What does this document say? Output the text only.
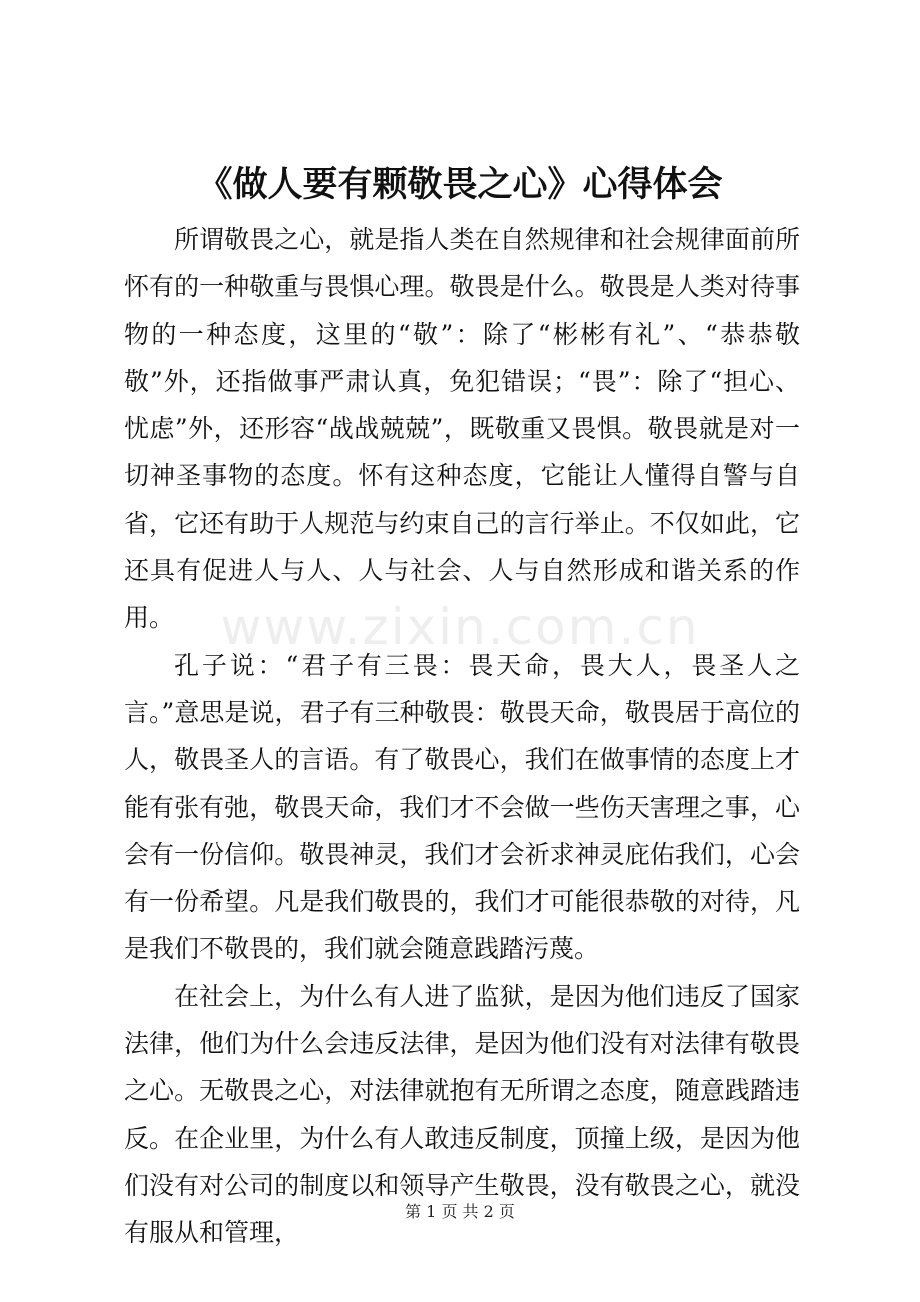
www.zixin.com.cn
《做人要有颗敬畏之心》心得体会

所谓敬畏之心，就是指人类在自然规律和社会规律面前所怀有的一种敬重与畏惧心理。敬畏是什么。敬畏是人类对待事物的一种态度，这里的“敬”：除了“彬彬有礼”、“恭恭敬敬”外，还指做事严肃认真，免犯错误；“畏”：除了“担心、忧虑”外，还形容“战战兢兢”，既敬重又畏惧。敬畏就是对一切神圣事物的态度。怀有这种态度，它能让人懂得自警与自省，它还有助于人规范与约束自己的言行举止。不仅如此，它还具有促进人与人、人与社会、人与自然形成和谐关系的作用。

孔子说：“君子有三畏：畏天命，畏大人，畏圣人之言。”意思是说，君子有三种敬畏：敬畏天命，敬畏居于高位的人，敬畏圣人的言语。有了敬畏心，我们在做事情的态度上才能有张有弛，敬畏天命，我们才不会做一些伤天害理之事，心会有一份信仰。敬畏神灵，我们才会祈求神灵庇佑我们，心会有一份希望。凡是我们敬畏的，我们才可能很恭敬的对待，凡是我们不敬畏的，我们就会随意践踏污蔑。

在社会上，为什么有人进了监狱，是因为他们违反了国家法律，他们为什么会违反法律，是因为他们没有对法律有敬畏之心。无敬畏之心，对法律就抱有无所谓之态度，随意践踏违反。在企业里，为什么有人敢违反制度，顶撞上级，是因为他们没有对公司的制度以和领导产生敬畏，没有敬畏之心，就没有服从和管理，

第 1 页 共 2 页
